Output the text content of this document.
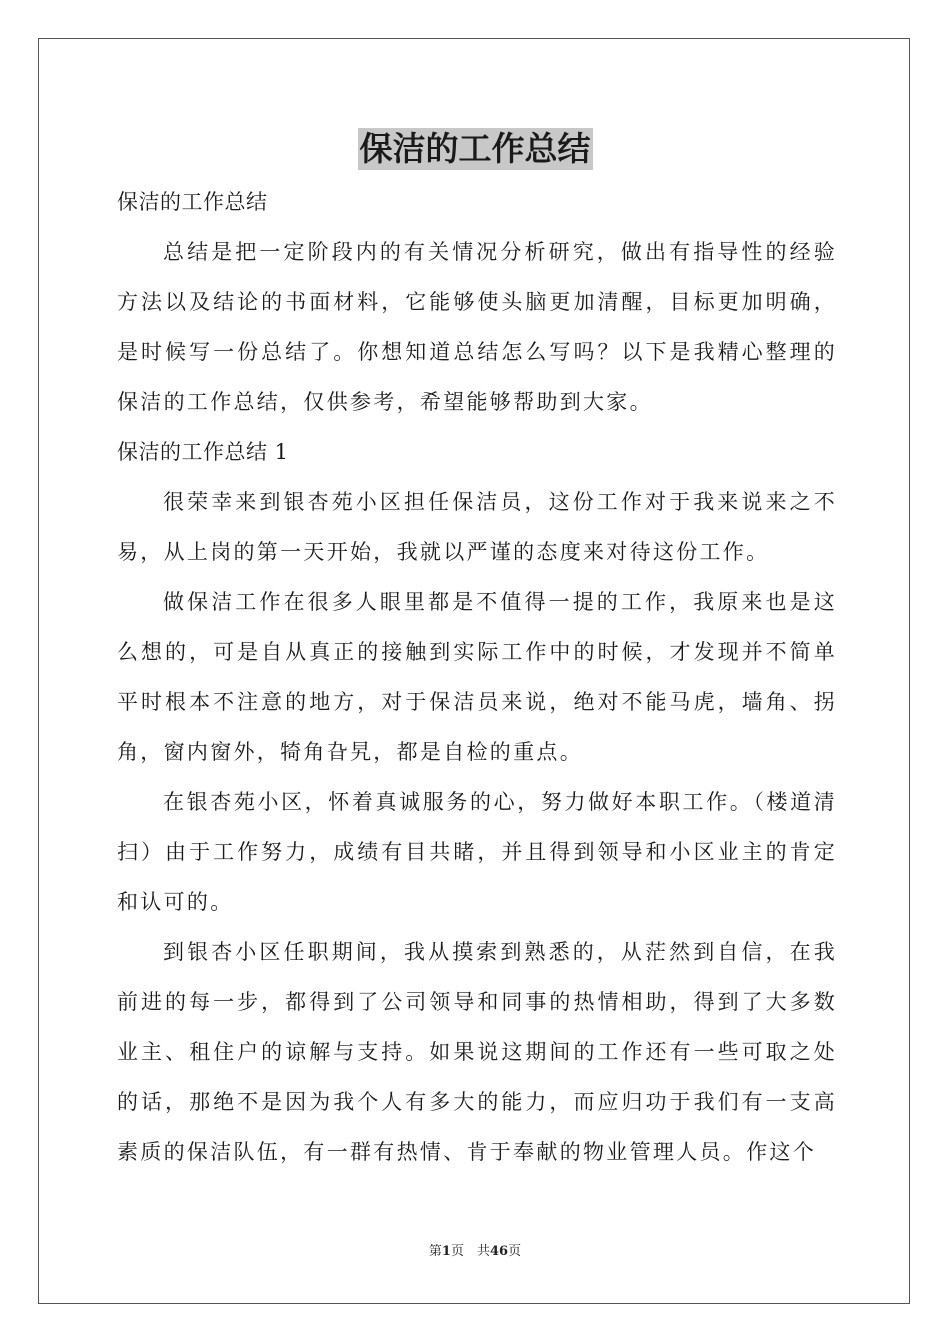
保洁的工作总结

保洁的工作总结

总结是把一定阶段内的有关情况分析研究，做出有指导性的经验方法以及结论的书面材料，它能够使头脑更加清醒，目标更加明确，是时候写一份总结了。你想知道总结怎么写吗？以下是我精心整理的保洁的工作总结，仅供参考，希望能够帮助到大家。

保洁的工作总结 1

很荣幸来到银杏苑小区担任保洁员，这份工作对于我来说来之不易，从上岗的第一天开始，我就以严谨的态度来对待这份工作。

做保洁工作在很多人眼里都是不值得一提的工作，我原来也是这么想的，可是自从真正的接触到实际工作中的时候，才发现并不简单平时根本不注意的地方，对于保洁员来说，绝对不能马虎，墙角、拐角，窗内窗外，犄角旮旯，都是自检的重点。

在银杏苑小区，怀着真诚服务的心，努力做好本职工作。（楼道清扫）由于工作努力，成绩有目共睹，并且得到领导和小区业主的肯定和认可的。

到银杏小区任职期间，我从摸索到熟悉的，从茫然到自信，在我前进的每一步，都得到了公司领导和同事的热情相助，得到了大多数业主、租住户的谅解与支持。如果说这期间的工作还有一些可取之处的话，那绝不是因为我个人有多大的能力，而应归功于我们有一支高素质的保洁队伍，有一群有热情、肯于奉献的物业管理人员。作这个

第1页　共46页
